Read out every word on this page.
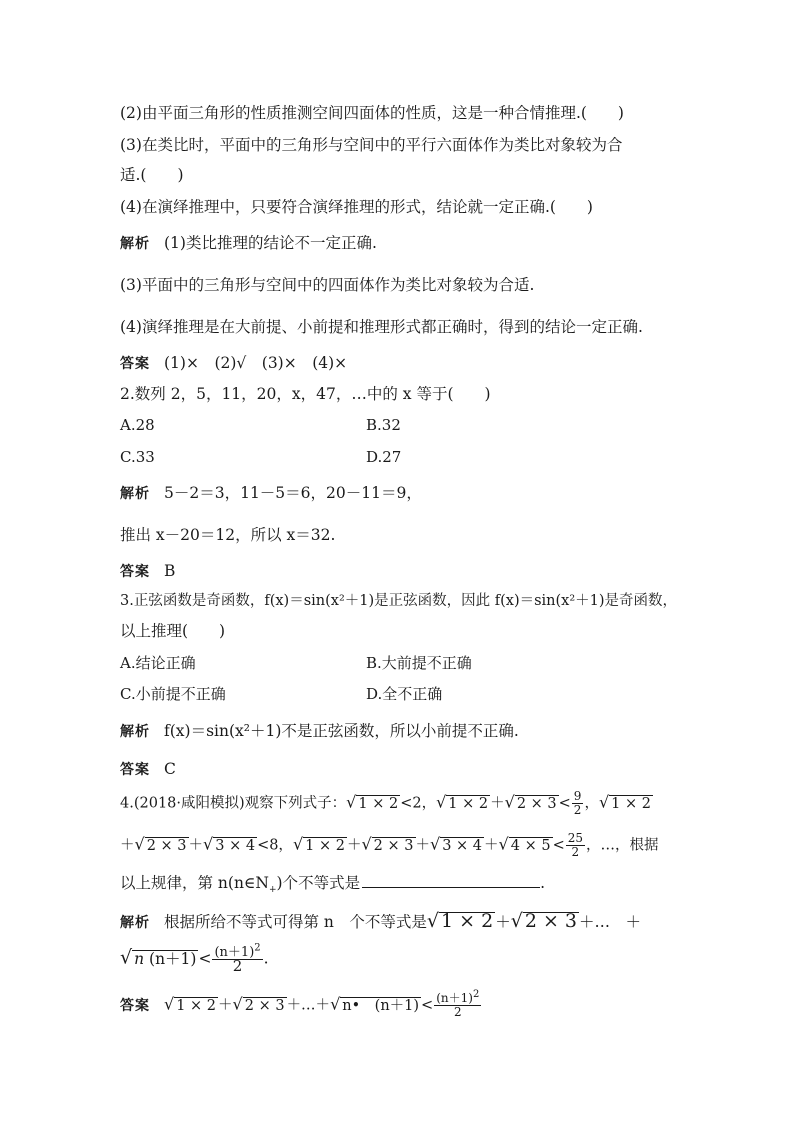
(2)由平面三角形的性质推测空间四面体的性质，这是一种合情推理.(　　)
(3)在类比时，平面中的三角形与空间中的平行六面体作为类比对象较为合
适.(　　)
(4)在演绎推理中，只要符合演绎推理的形式，结论就一定正确.(　　)
解析 (1)类比推理的结论不一定正确.
(3)平面中的三角形与空间中的四面体作为类比对象较为合适.
(4)演绎推理是在大前提、小前提和推理形式都正确时，得到的结论一定正确.
答案 (1)×　(2)√　(3)×　(4)×
2.数列 2，5，11，20，x，47，…中的 x 等于(　　)
A.28	B.32
C.33	D.27
解析 5－2＝3，11－5＝6，20－11＝9，
推出 x－20＝12，所以 x＝32.
答案 B
3.正弦函数是奇函数，f(x)＝sin(x²＋1)是正弦函数，因此 f(x)＝sin(x²＋1)是奇函数，
以上推理(　　)
A.结论正确	B.大前提不正确
C.小前提不正确	D.全不正确
解析 f(x)＝sin(x²＋1)不是正弦函数，所以小前提不正确.
答案 C
4.(2018·咸阳模拟)观察下列式子：√ 1 × 2 <2，√ 1 × 2 ＋√ $2 \times 3 < \frac{9}{2}$ ，√ 1 × 2
＋√ 2 × 3 ＋√ 3 × 4 <8，√ 1 × 2 ＋√ 2 × 3 ＋√ 3 × 4 ＋√ $4 \times 5 < \frac{25}{2}$ ，…，根据
以上规律，第 $n(n\in N_+)$个不等式是	.
解析 根据所给不等式可得第 n　个不等式是√ 1 × 2 ＋√ 2 × 3 ＋…　＋
√ n $(n+1) < \frac{(n+1)^2}{2}$ .
答案 √ 1 × 2 ＋√ 2 × 3 ＋…＋√ n•　$(n+1) < \frac{(n+1)^2}{2}$
